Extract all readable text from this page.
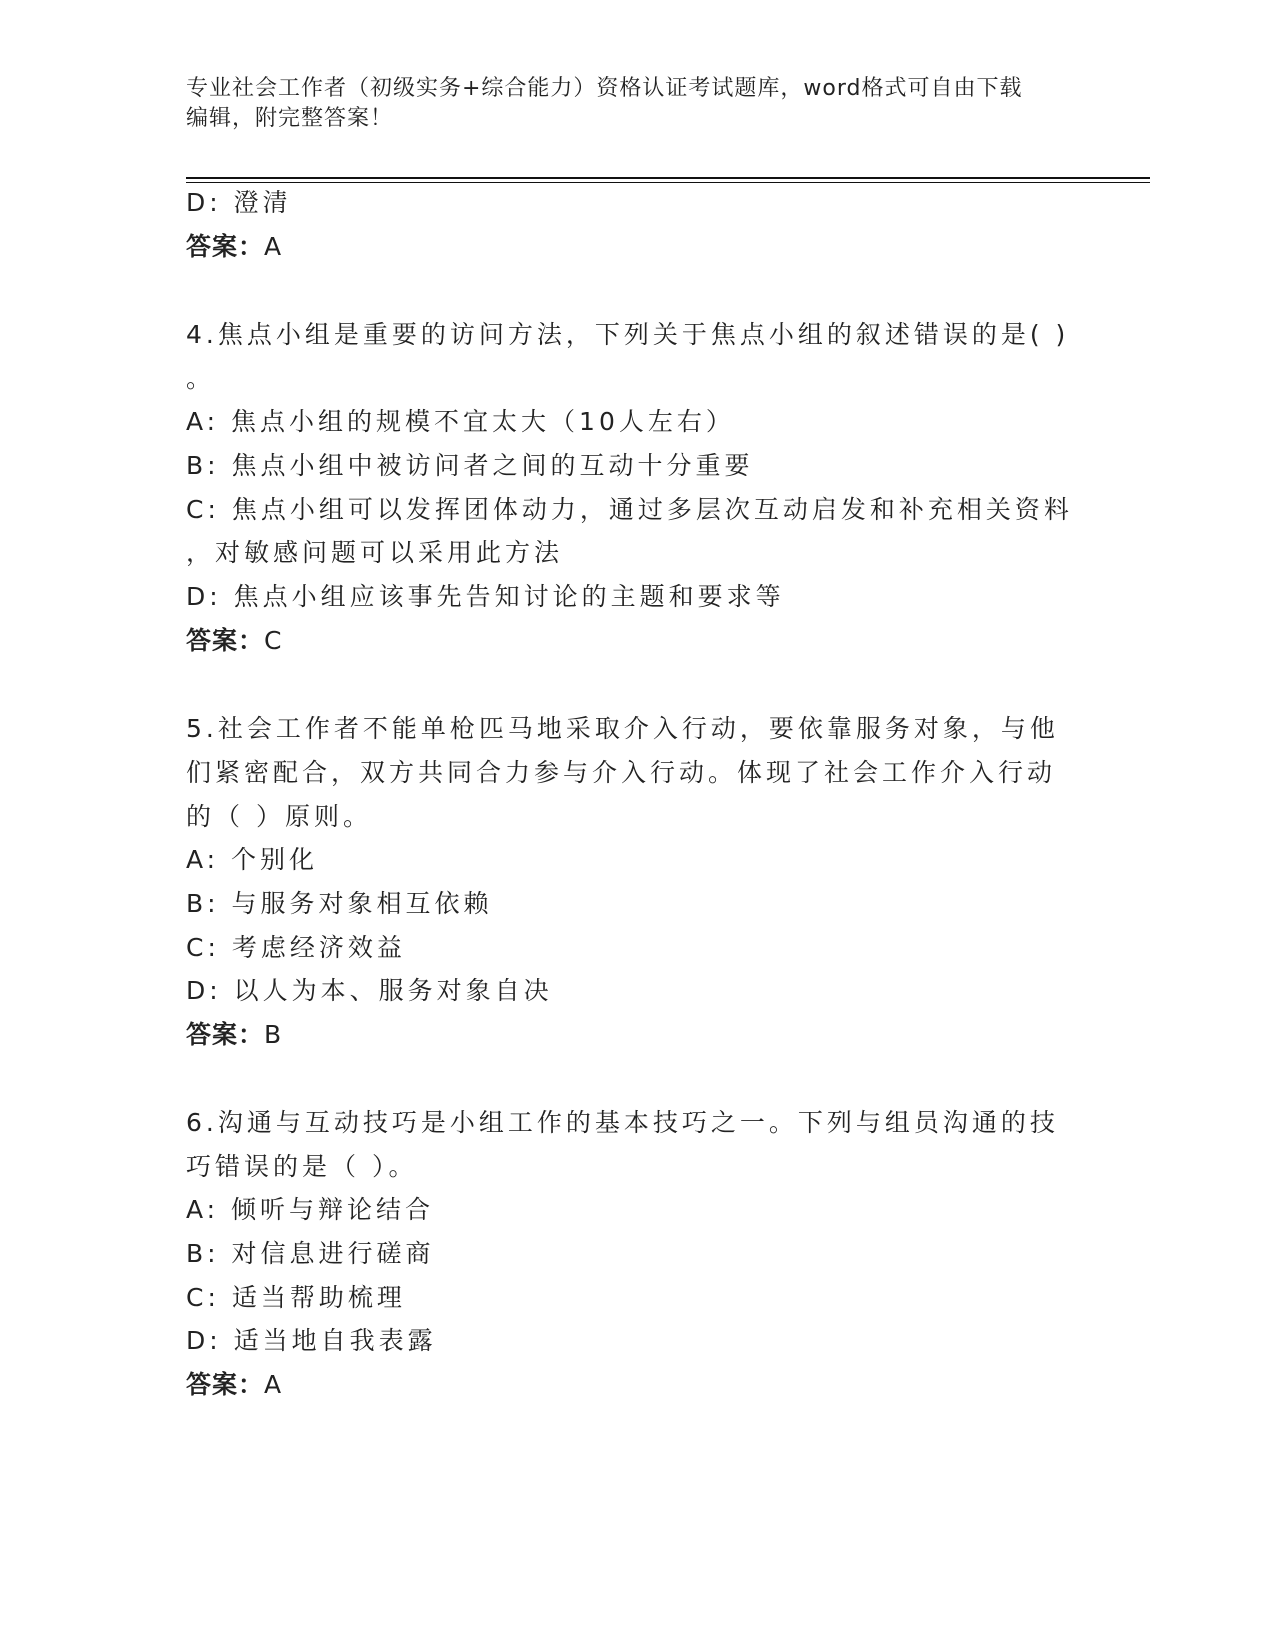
专业社会工作者（初级实务+综合能力）资格认证考试题库，word格式可自由下载
编辑，附完整答案！
D: 澄清
答案：A
4.焦点小组是重要的访问方法，下列关于焦点小组的叙述错误的是( )
。
A: 焦点小组的规模不宜太大（10人左右）
B: 焦点小组中被访问者之间的互动十分重要
C: 焦点小组可以发挥团体动力，通过多层次互动启发和补充相关资料
，对敏感问题可以采用此方法
D: 焦点小组应该事先告知讨论的主题和要求等
答案：C
5.社会工作者不能单枪匹马地采取介入行动，要依靠服务对象，与他
们紧密配合，双方共同合力参与介入行动。体现了社会工作介入行动
的（ ）原则。
A: 个别化
B: 与服务对象相互依赖
C: 考虑经济效益
D: 以人为本、服务对象自决
答案：B
6.沟通与互动技巧是小组工作的基本技巧之一。下列与组员沟通的技
巧错误的是（ ）。
A: 倾听与辩论结合
B: 对信息进行磋商
C: 适当帮助梳理
D: 适当地自我表露
答案：A
